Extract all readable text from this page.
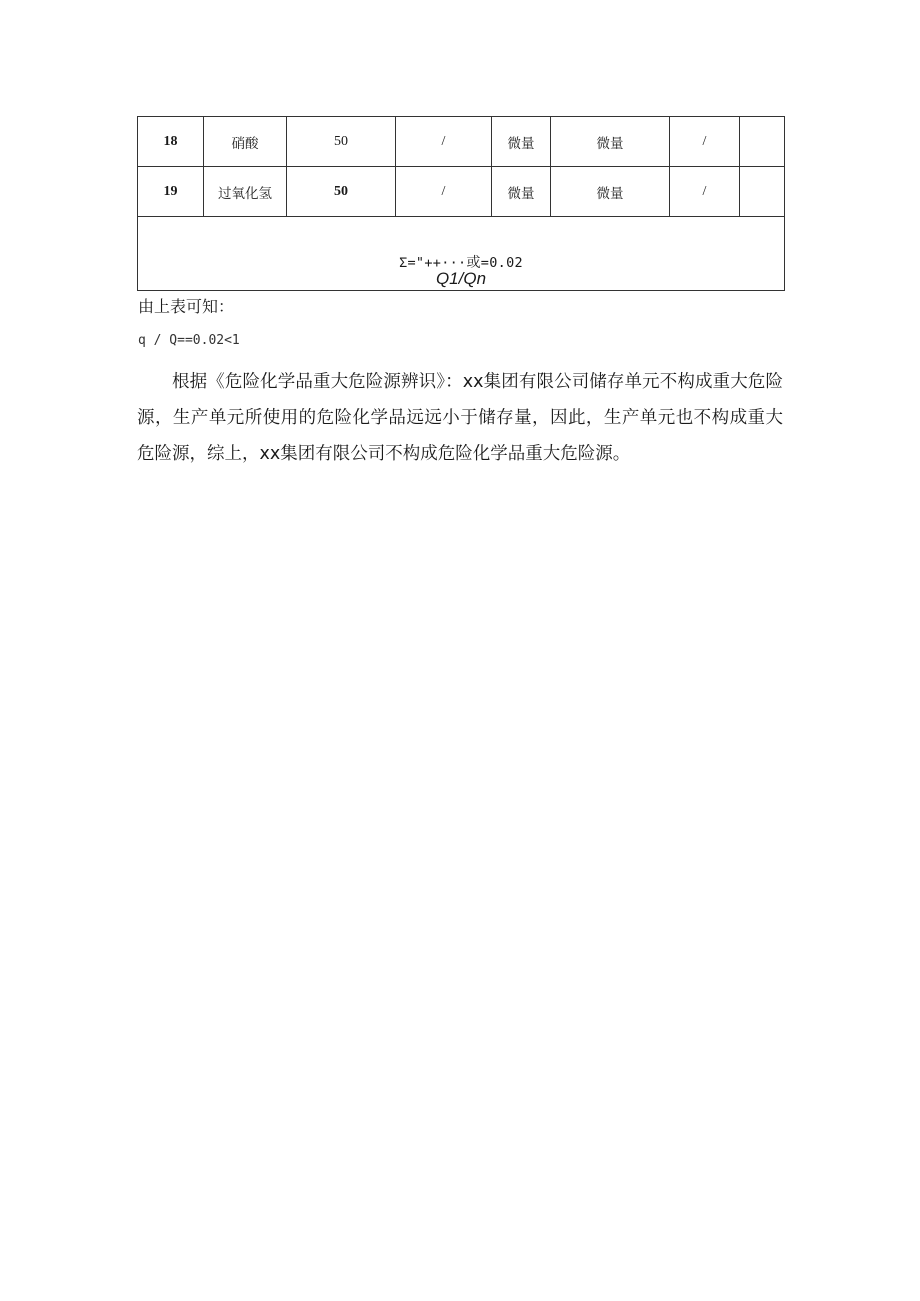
18	硝酸	50	/	微量	微量	/	
19	过氧化氢	50	/	微量	微量	/	

Σ="++···或=0.02
Q1/Qn							
由上表可知：
q / Q==0.02<1

根据《危险化学品重大危险源辨识》：xx集团有限公司储存单元不构成重大危险源，生产单元所使用的危险化学品远远小于储存量，因此，生产单元也不构成重大危险源，综上，xx集团有限公司不构成危险化学品重大危险源。
